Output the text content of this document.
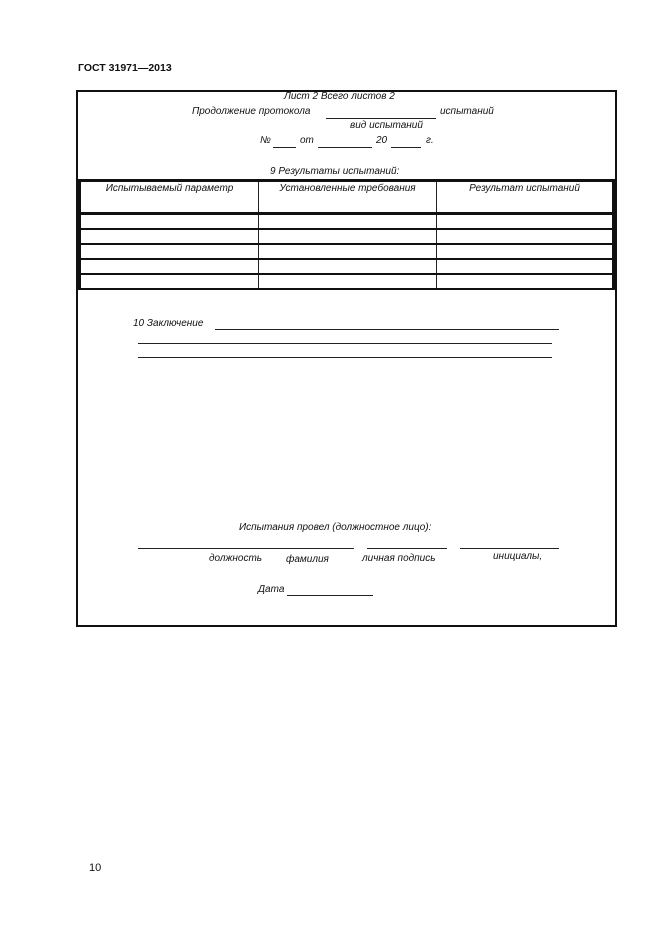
ГОСТ 31971—2013
Лист 2 Всего листов 2
Продолжение протокола	испытаний
вид испытаний
№	от	20	г.
9 Результаты испытаний:
Испытываемый параметр	Установленные требования	Результат испытаний

10 Заключение
Испытания провел (должностное лицо):
должность фамилия	личная подпись	инициалы,
Дата
10
